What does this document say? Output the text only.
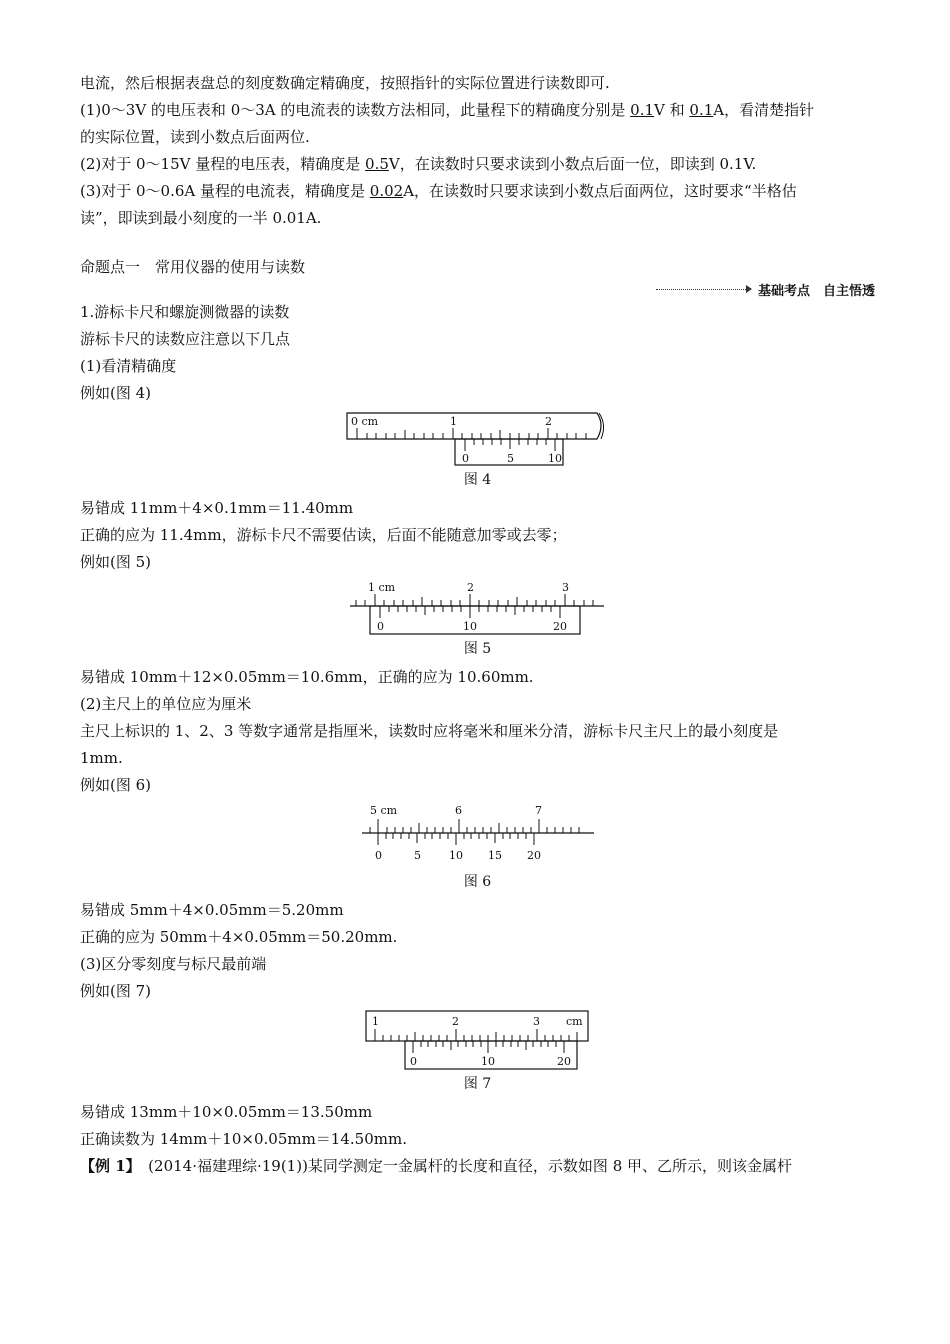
电流，然后根据表盘总的刻度数确定精确度，按照指针的实际位置进行读数即可.

(1)0～3V 的电压表和 0～3A 的电流表的读数方法相同，此量程下的精确度分别是 0.1V 和 0.1A，看清楚指针

的实际位置，读到小数点后面两位.

(2)对于 0～15V 量程的电压表，精确度是 0.5V，在读数时只要求读到小数点后面一位，即读到 0.1V.

(3)对于 0～0.6A 量程的电流表，精确度是 0.02A，在读数时只要求读到小数点后面两位，这时要求“半格估

读”，即读到最小刻度的一半 0.01A.

命题点一　常用仪器的使用与读数

基础考点　自主悟透

1.游标卡尺和螺旋测微器的读数

游标卡尺的读数应注意以下几点

(1)看清精确度

例如(图 4)

0 cm	1	2
0	5	10
图 4

易错成 11mm＋4×0.1mm＝11.40mm

正确的应为 11.4mm，游标卡尺不需要估读，后面不能随意加零或去零；

例如(图 5)

1 cm	2	3
0	10	20
图 5

易错成 10mm＋12×0.05mm＝10.6mm，正确的应为 10.60mm.

(2)主尺上的单位应为厘米

主尺上标识的 1、2、3 等数字通常是指厘米，读数时应将毫米和厘米分清，游标卡尺主尺上的最小刻度是

1mm.

例如(图 6)

5 cm	6	7
0	5	10 15 20
图 6

易错成 5mm＋4×0.05mm＝5.20mm

正确的应为 50mm＋4×0.05mm＝50.20mm.

(3)区分零刻度与标尺最前端

例如(图 7)

1	2	3 cm
0	10	20
图 7

易错成 13mm＋10×0.05mm＝13.50mm

正确读数为 14mm＋10×0.05mm＝14.50mm.

【例 1】　(2014·福建理综·19(1))某同学测定一金属杆的长度和直径，示数如图 8 甲、乙所示，则该金属杆
